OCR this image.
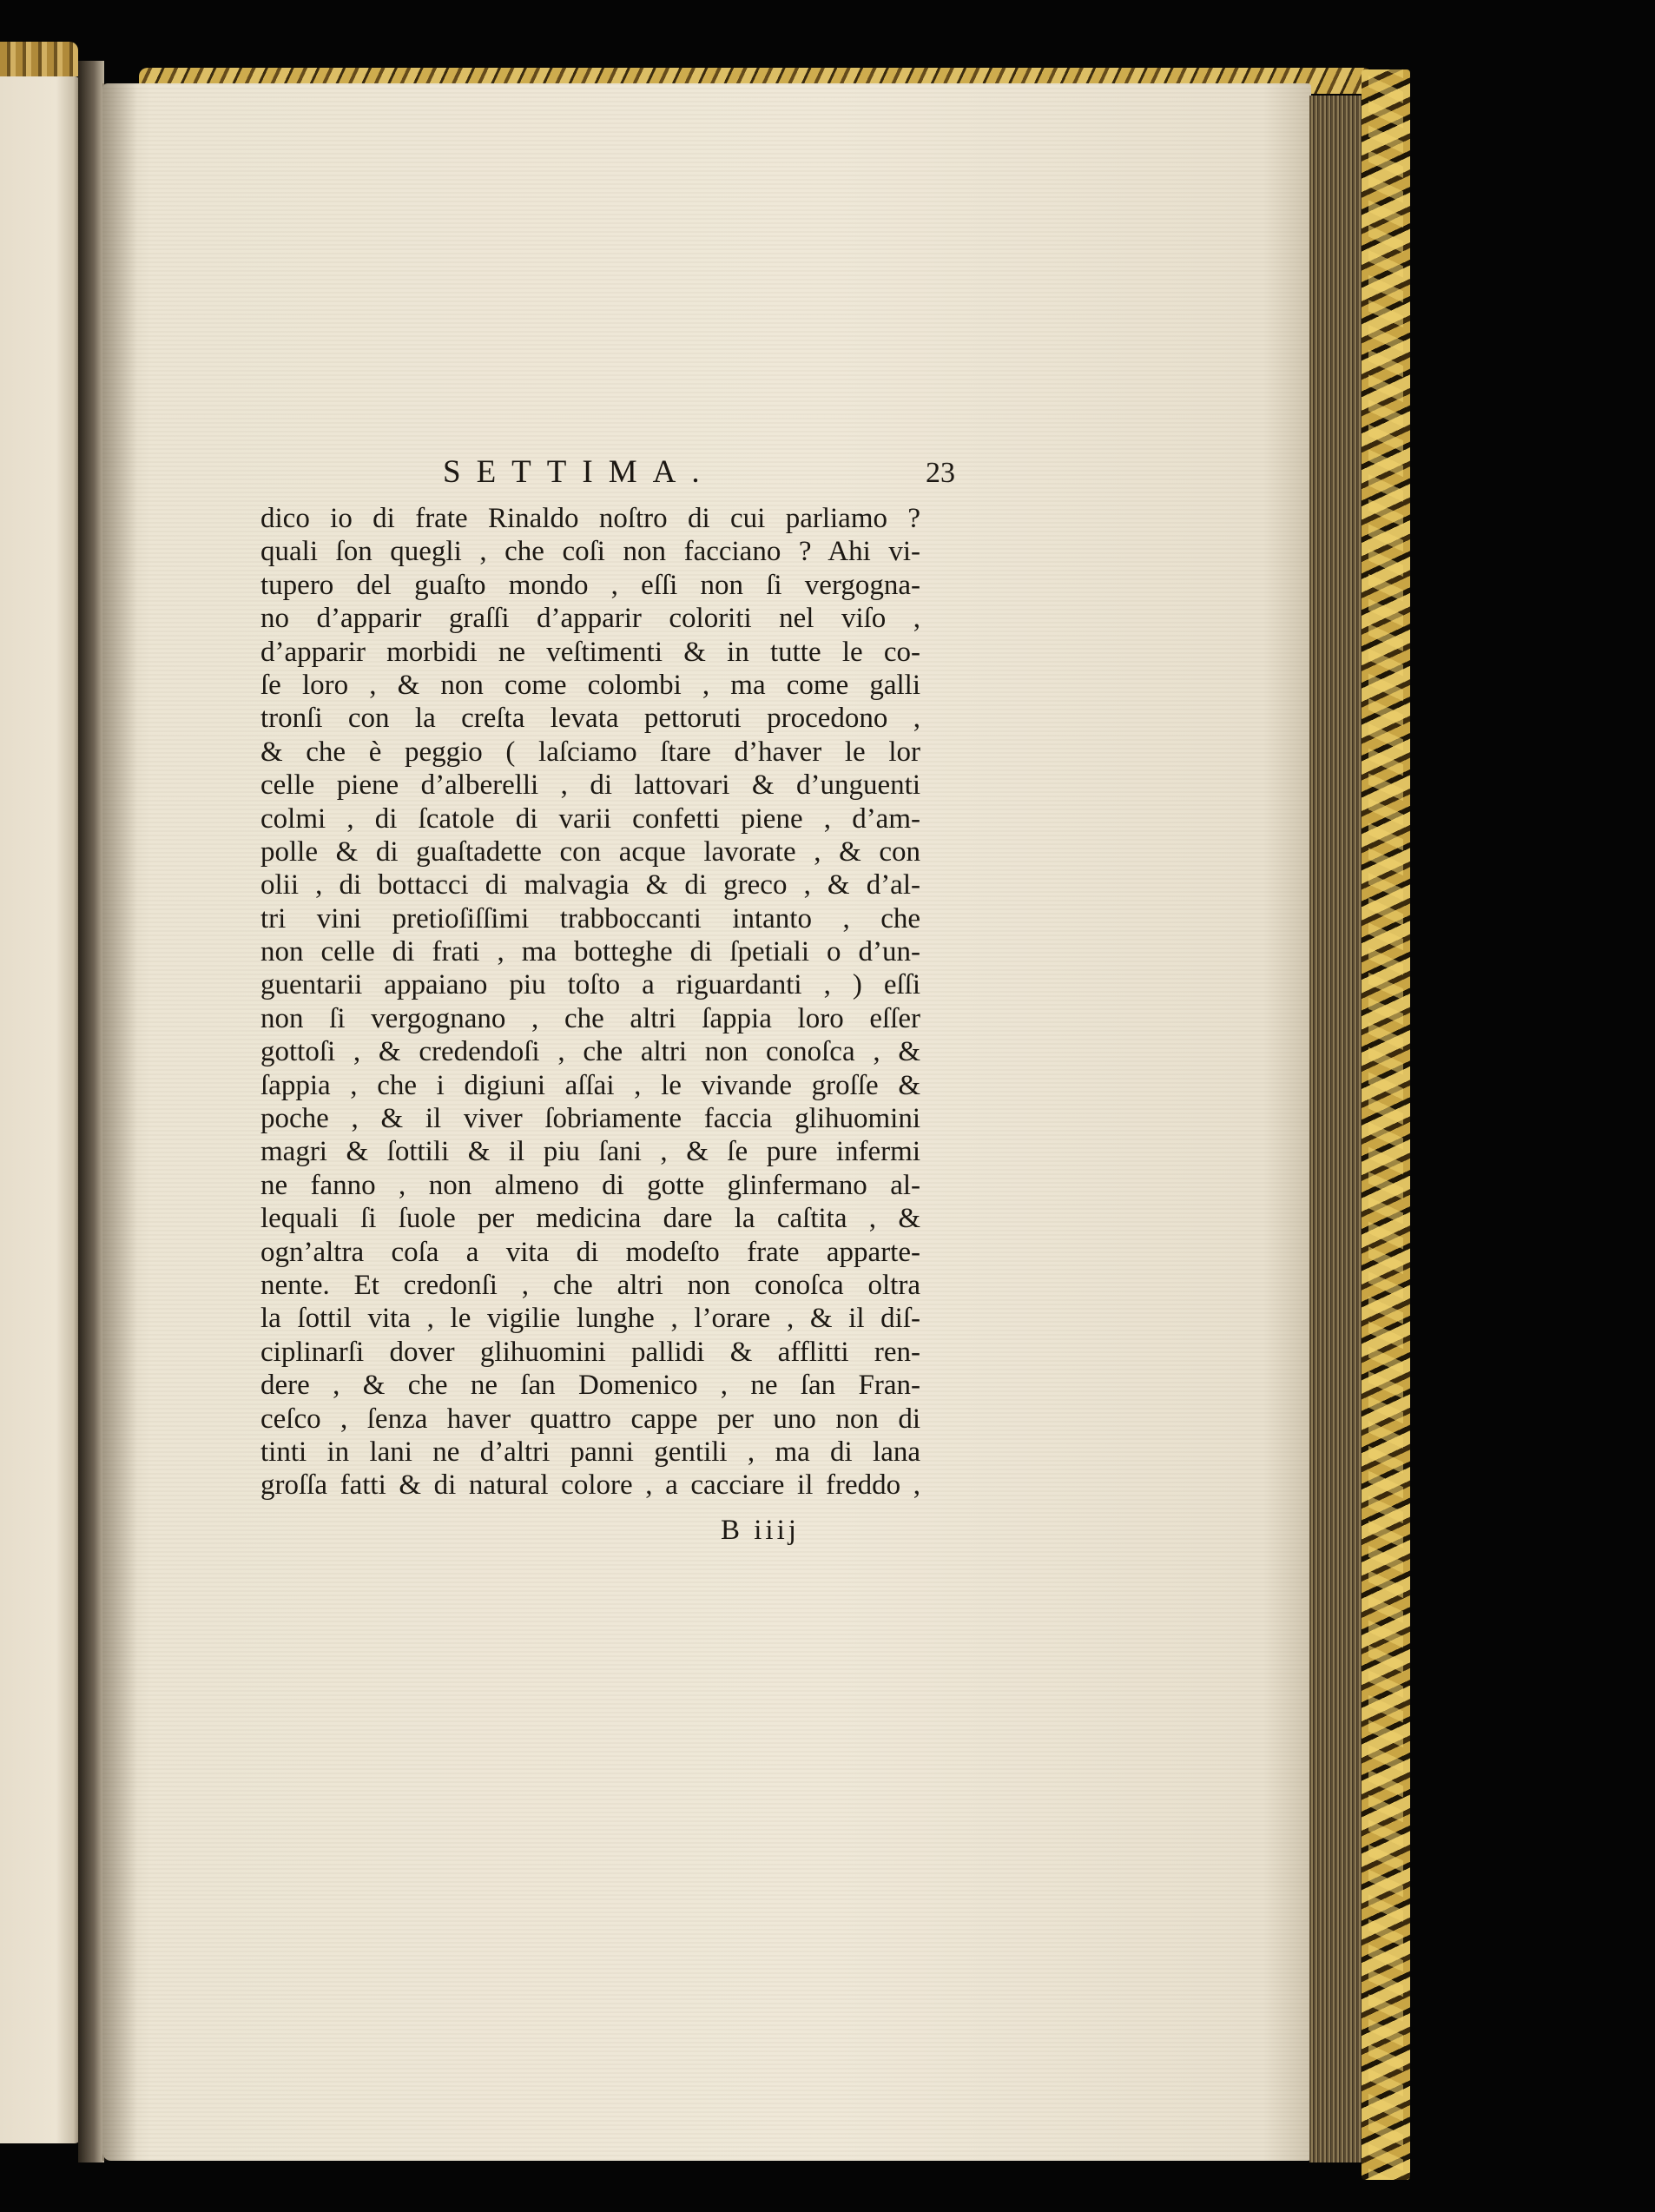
SETTIMA.	23
dico io di frate Rinaldo noſtro di cui parliamo ?
quali ſon quegli , che coſi non facciano ? Ahi vi-
tupero del guaſto mondo , eſſi non ſi vergogna-
no d’apparir graſſi d’apparir coloriti nel viſo ,
d’apparir morbidi ne veſtimenti & in tutte le co-
ſe loro , & non come colombi , ma come galli
tronſi con la creſta levata pettoruti procedono ,
& che è peggio ( laſciamo ſtare d’haver le lor
celle piene d’alberelli , di lattovari & d’unguenti
colmi , di ſcatole di varii confetti piene , d’am-
polle & di guaſtadette con acque lavorate , & con
olii , di bottacci di malvagia & di greco , & d’al-
tri vini pretioſiſſimi trabboccanti intanto , che
non celle di frati , ma botteghe di ſpetiali o d’un-
guentarii appaiano piu toſto a riguardanti , ) eſſi
non ſi vergognano , che altri ſappia loro eſſer
gottoſi , & credendoſi , che altri non conoſca , &
ſappia , che i digiuni aſſai , le vivande groſſe &
poche , & il viver ſobriamente faccia glihuomini
magri & ſottili & il piu ſani , & ſe pure infermi
ne fanno , non almeno di gotte glinfermano al-
lequali ſi ſuole per medicina dare la caſtita , &
ogn’altra coſa a vita di modeſto frate apparte-
nente. Et credonſi , che altri non conoſca oltra
la ſottil vita , le vigilie lunghe , l’orare , & il diſ-
ciplinarſi dover glihuomini pallidi & afflitti ren-
dere , & che ne ſan Domenico , ne ſan Fran-
ceſco , ſenza haver quattro cappe per uno non di
tinti in lani ne d’altri panni gentili , ma di lana
groſſa fatti & di natural colore , a cacciare il freddo ,
B iiij
